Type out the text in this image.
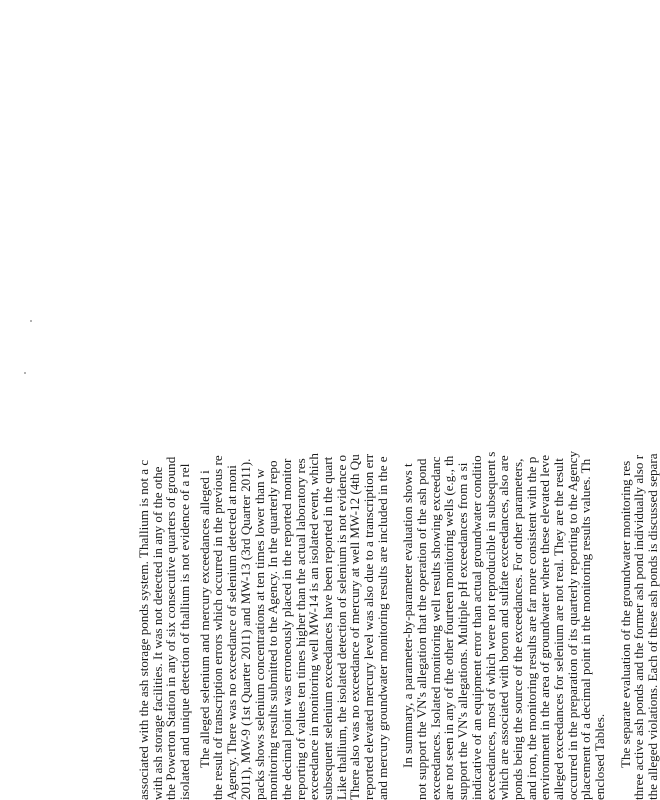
associated with the ash storage ponds system. Thallium is not a c
with ash storage facilities. It was not detected in any of the othe
the Powerton Station in any of six consecutive quarters of ground
isolated and unique detection of thallium is not evidence of a rel The alleged selenium and mercury exceedances alleged i
the result of transcription errors which occurred in the previous re
Agency. There was no exceedance of selenium detected at moni
2011), MW-9 (1st Quarter 2011) and MW-13 (3rd Quarter 2011).
packs shows selenium concentrations at ten times lower than w
monitoring results submitted to the Agency. In the quarterly repo
the decimal point was erroneously placed in the reported monitor
reporting of values ten times higher than the actual laboratory res
exceedance in monitoring well MW-14 is an isolated event, which
subsequent selenium exceedances have been reported in the quart
Like thallium, the isolated detection of selenium is not evidence o
There also was no exceedance of mercury at well MW-12 (4th Qu
reported elevated mercury level was also due to a transcription err
and mercury groundwater monitoring results are included in the e In summary, a parameter-by-parameter evaluation shows t
not support the VN's allegation that the operation of the ash pond
exceedances. Isolated monitoring well results showing exceedanc
are not seen in any of the other fourteen monitoring wells (e.g., th
support the VN's allegations. Multiple pH exceedances from a si
indicative of an equipment error than actual groundwater conditio
exceedances, most of which were not reproducible in subsequent s
which are associated with boron and sulfate exceedances, also are
ponds being the source of the exceedances. For other parameters,
and iron, the monitoring results are far more consistent with the p
environment in the area of groundwater where these elevated leve
alleged exceedances for selenium are not real. They are the result
occurred in the preparation of its quarterly reporting to the Agency
placement of a decimal point in the monitoring results values. Th
enclosed Tables. The separate evaluation of the groundwater monitoring res
three active ash ponds and the former ash pond individually also r
the alleged violations. Each of these ash ponds is discussed separa
